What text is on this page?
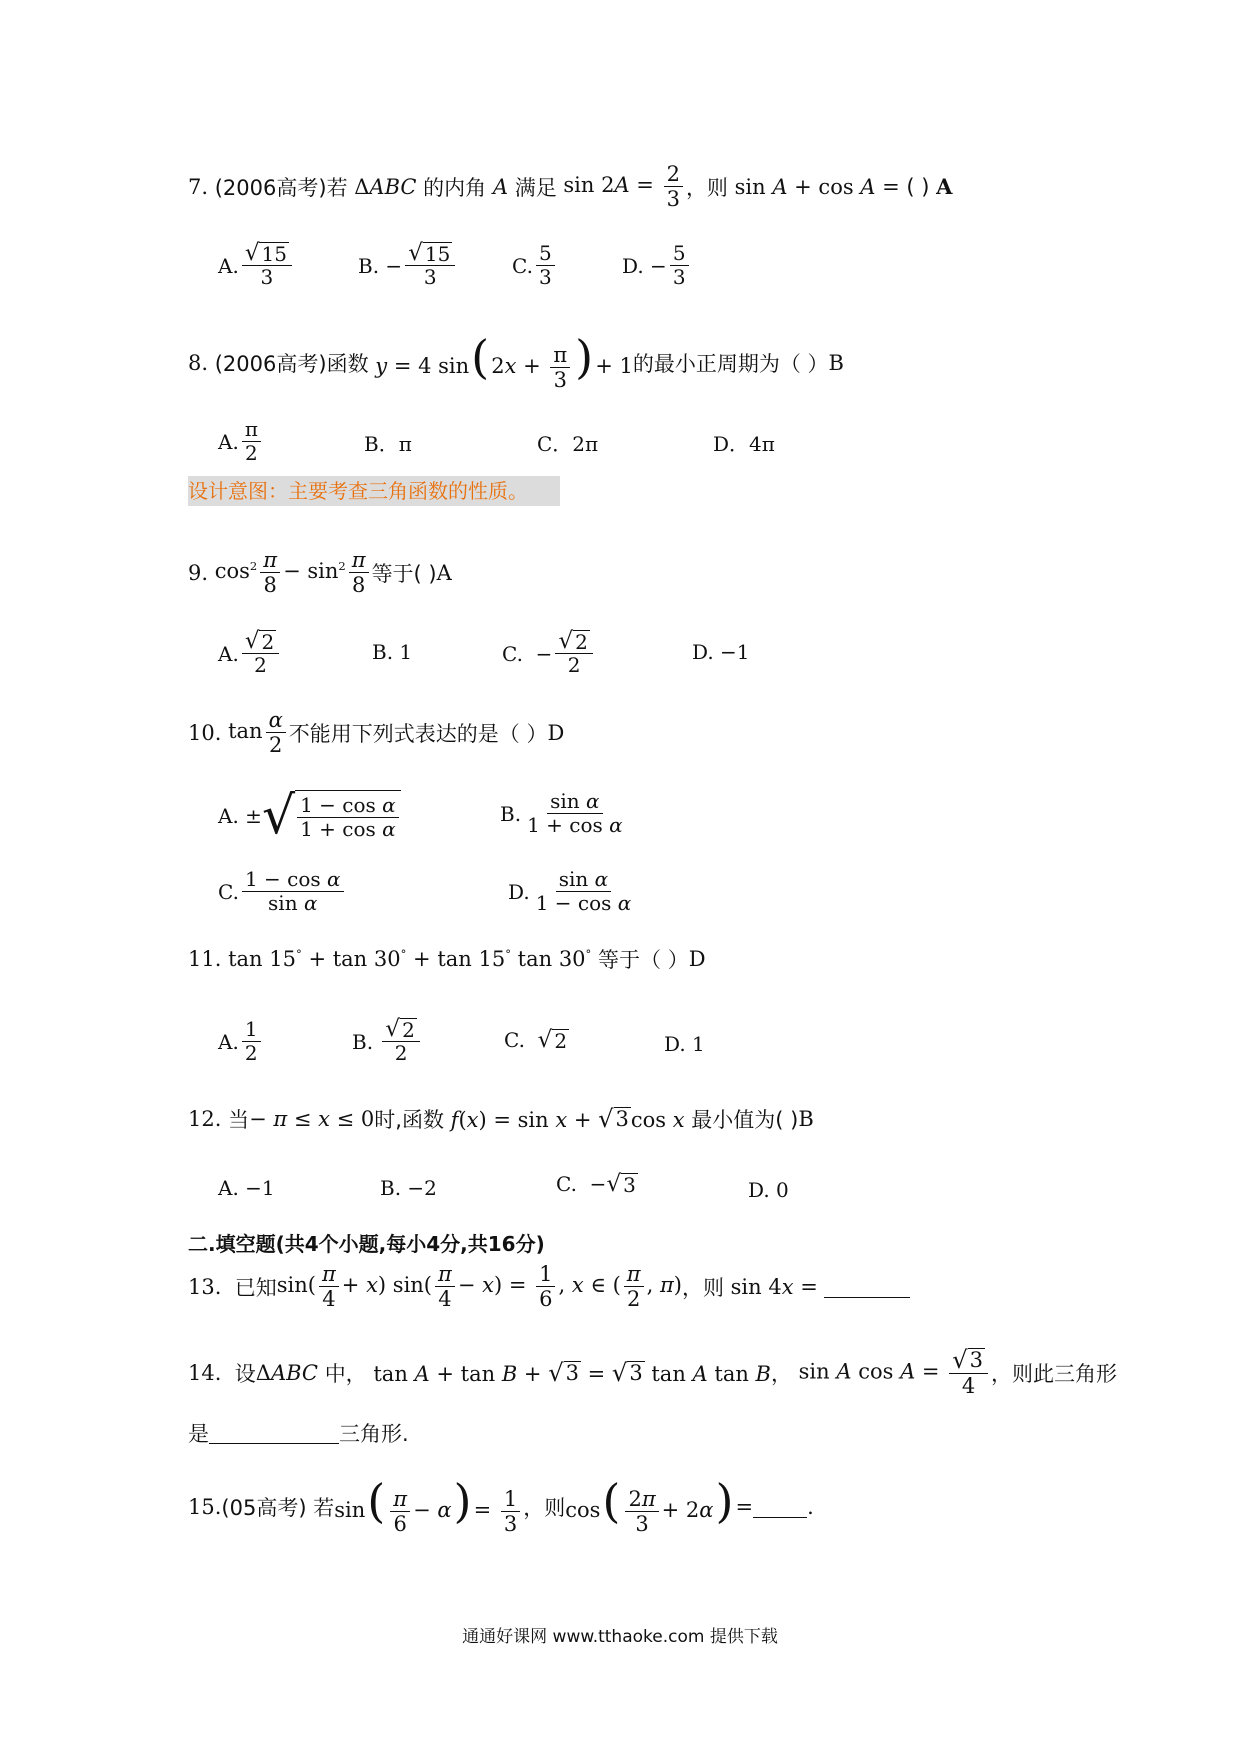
7.
(2006高考) 若 ΔABC 的内角 A 满足 $\sin 2A = \frac{2}{3}$ ，则 sin A + cos A = ( )
A
A. √ 15
3	B. − √ 15
3	C.
5
3	D. −
5
3
8.
(2006高考) 函数 y = 4 $\sin(2x + \frac{\pi}{3}$ )+ 1 的最小正周期为（ ） B
A.
π
2	B．π	C．2π	D．4π
设计意图：主要考查三角函数的性质。
9.
$\cos^2 \frac{\pi}{8} - \sin^2 \frac{\pi}{8}$ 等于( ) A
A. √ 2
2
B. 1	C. − √ 2
2
D. −1
10.
$\tan \frac{\alpha}{2}$ 不能用下列式表达的是（ ） D
A. ± √ $\frac{\text{1 − cos α}}{\text{1 + cos α}}$	B.
sin α
1 + cos α
C.
1 − cos α
sin α	D.
sin α
1 − cos α
11.
tan 15° + tan 30° + tan 15° tan 30°
等于（ ） D
A.
1
2	B.
√ 2
2
C.
√ 2	D. 1
12.
当 − π ≤ x ≤ 0 时,函数 f(x) = sin x + √ 3 cos x 最小值为( ) B
A. −1	B. −2	C. − √ 3	D. 0
二.填空题(共4个小题,每小4分,共16分)
13.
已知 $\sin( \frac{\pi}{4} + x)$ $\sin( \frac{\pi}{4} - x) = \frac{1}{6}$ , x ∈ ( $\frac{\pi}{2}$ , π) ，则 sin 4x =
14.
设 ΔABC 中， tan A + tan B + √ 3 = √ 3 tan A tan B ， sin A $\cos A = \frac{√ 3}{4}$ ，则此三角形
是	三角形.
15. (05高考)
若 $\sin( \frac{\pi}{6} - \alpha)= \frac{1}{3}$ ，则 $\cos( \frac{2\pi}{3} + 2\alpha)$ =	.
通通好课网 www.tthaoke.com 提供下载
